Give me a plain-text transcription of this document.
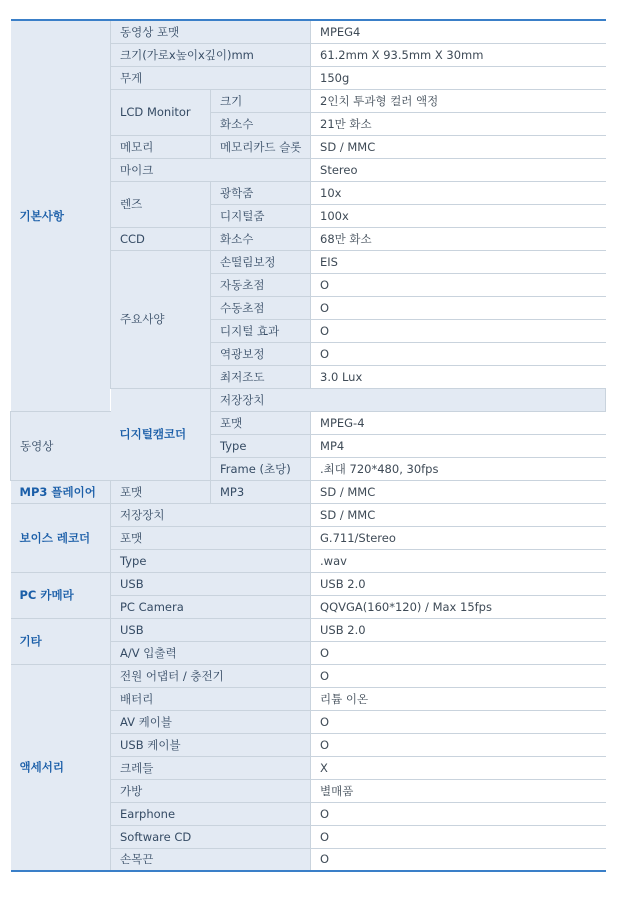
기본사항	동영상 포맷		MPEG4	
	크기(가로x높이x깊이)mm		61.2mm X 93.5mm X 30mm	
	무게		150g	
	LCD Monitor	크기	2인치 투과형 컬러 액정	
		화소수	21만 화소	
	메모리	메모리카드 슬롯	SD / MMC	
	마이크		Stereo	
	렌즈	광학줌	10x	
		디지털줌	100x	
	CCD	화소수	68만 화소	
	주요사양	손떨림보정	EIS	
		자동초점	O	
		수동초점	O	
		디지털 효과	O	
		역광보정	O	
		최저조도	3.0 Lux	
	디지털캠코더	저장장치	
동영상		포맷	MPEG-4	
		Type	MP4	
		Frame (초당)	.최대 720*480, 30fps	
MP3 플레이어	포맷	MP3	SD / MMC	
보이스 레코더	저장장치		SD / MMC	
	포맷		G.711/Stereo	
	Type		.wav	
PC 카메라	USB		USB 2.0	
	PC Camera		QQVGA(160*120) / Max 15fps	
기타	USB		USB 2.0	
	A/V 입출력		O	
액세서리	전원 어댑터 / 충전기		O	
	배터리		리튬 이온	
	AV 케이블		O	
	USB 케이블		O	
	크레들		X	
	가방		별매품	
	Earphone		O	
	Software CD		O	
	손목끈		O	
